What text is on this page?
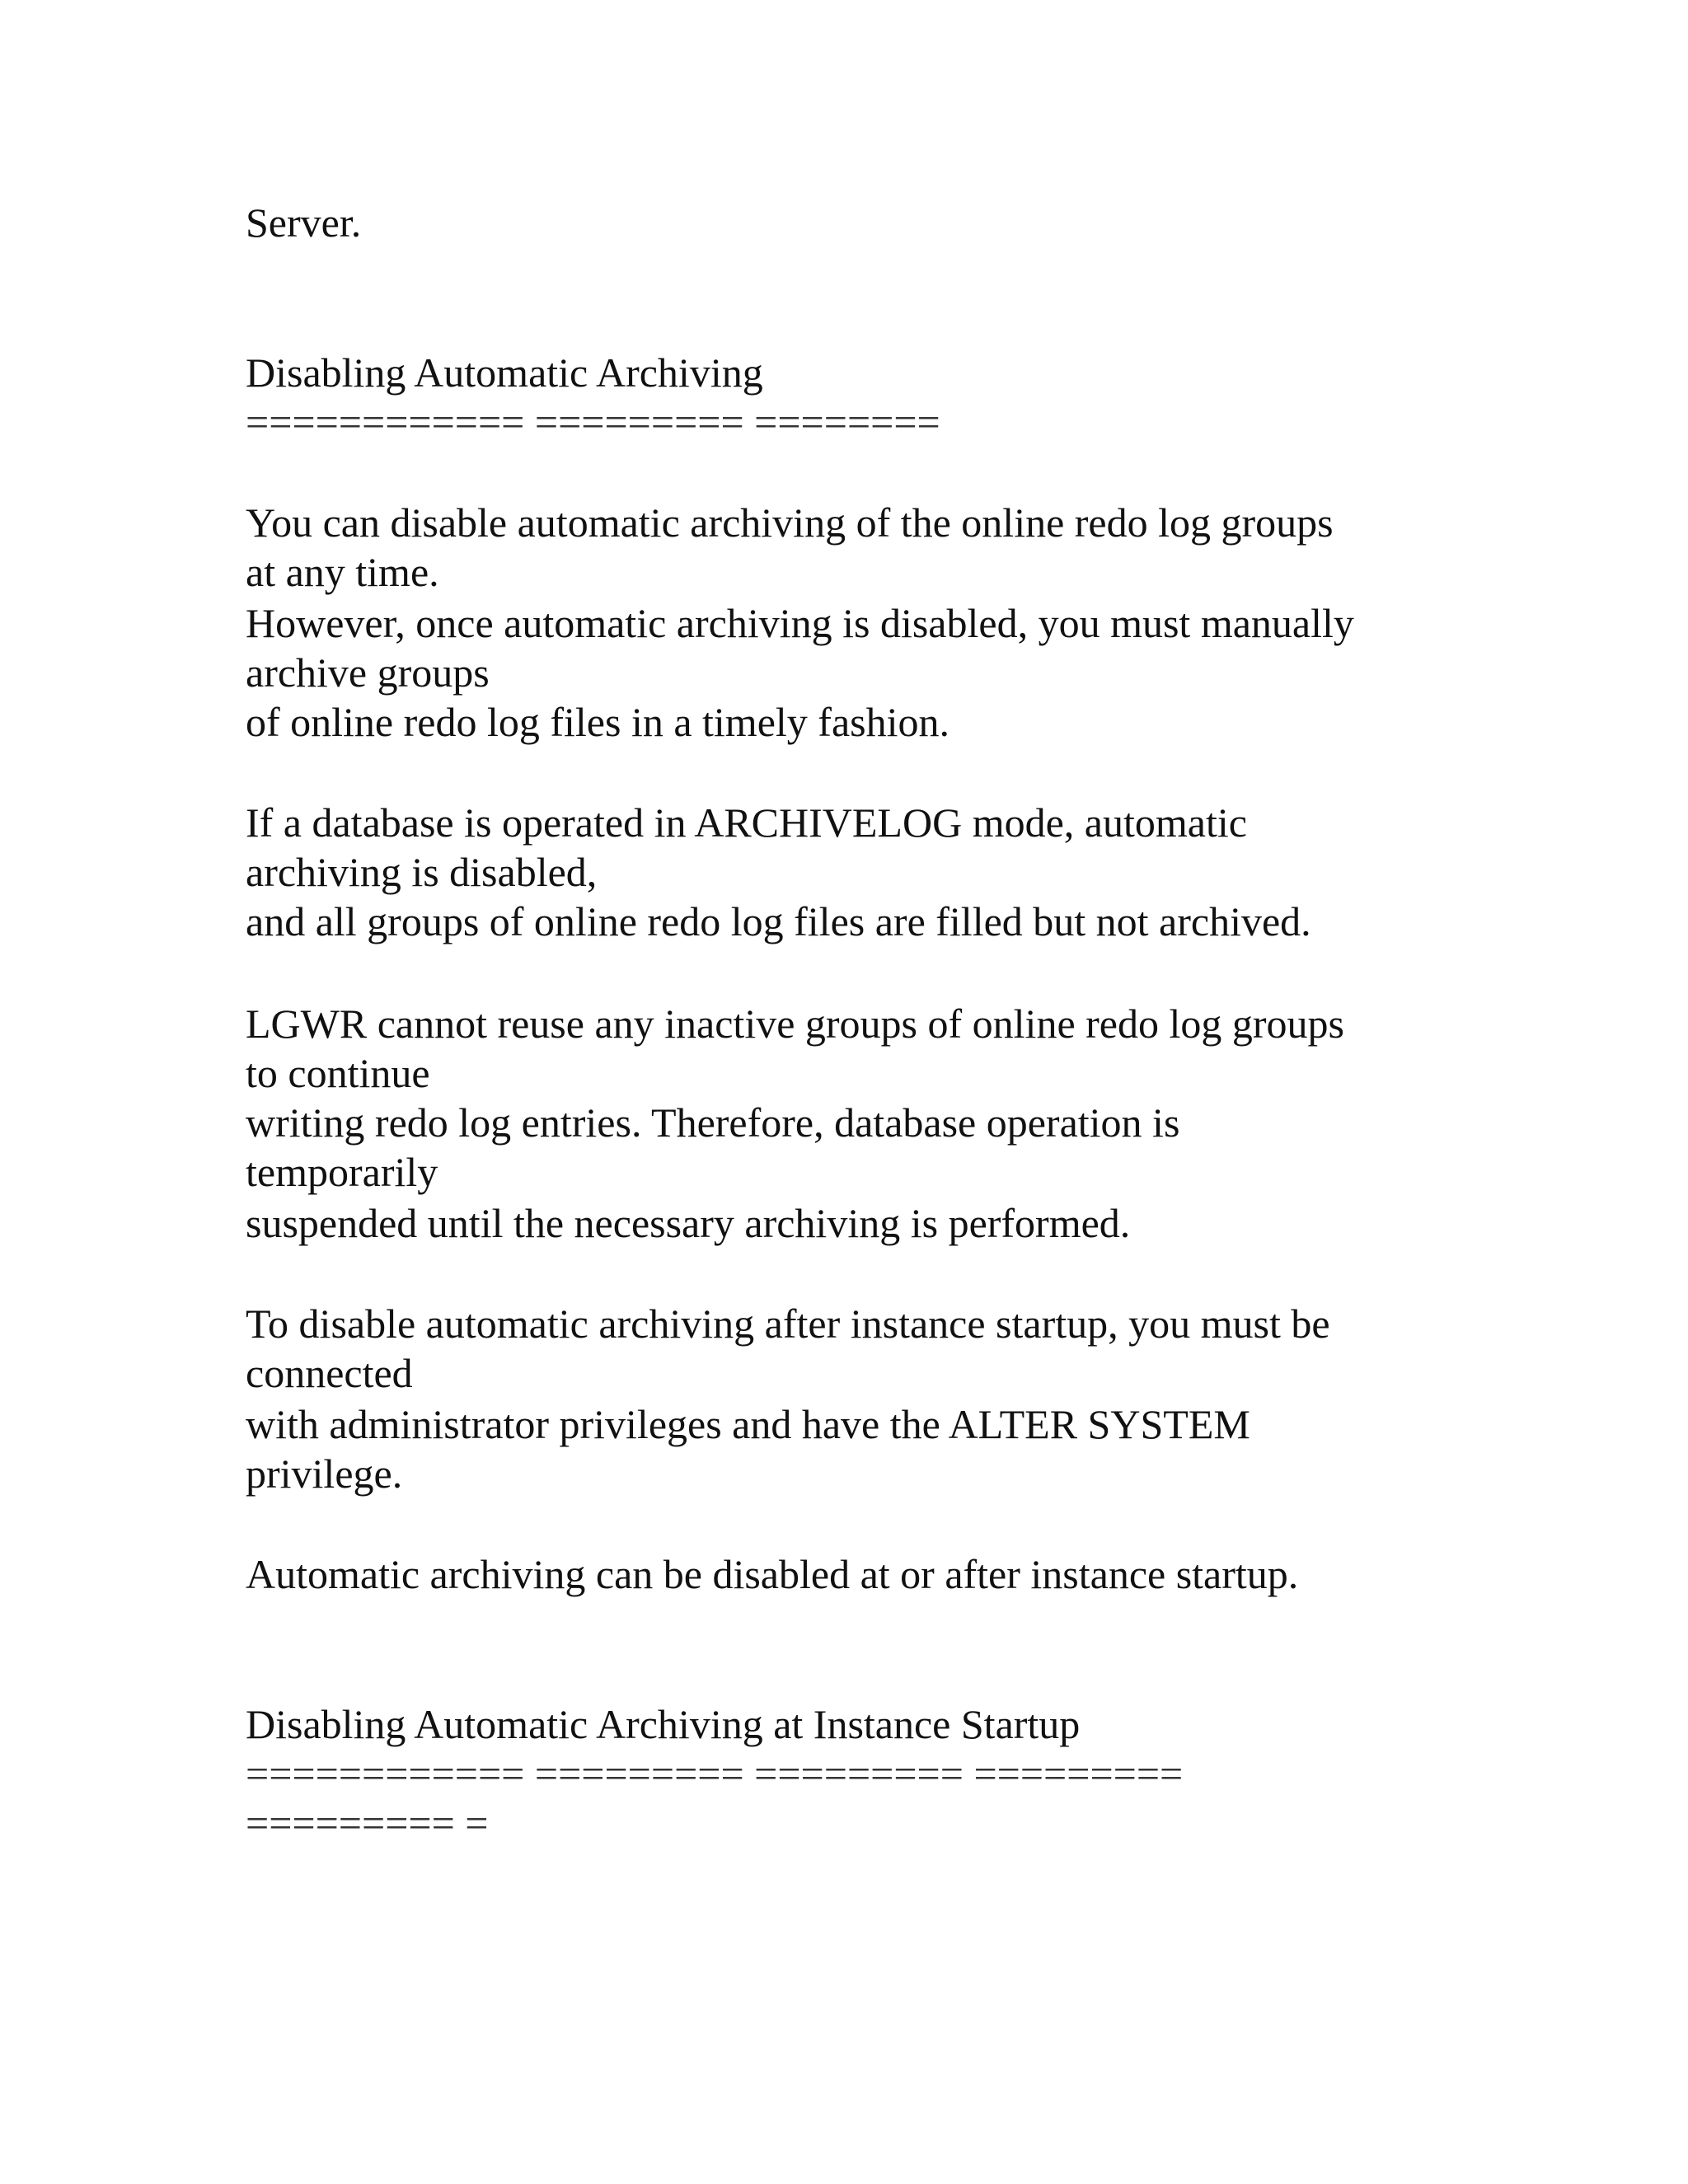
Server.

Disabling Automatic Archiving

============ ========= ========

You can disable automatic archiving of the online redo log groups

at any time.

However, once automatic archiving is disabled, you must manually

archive groups

of online redo log files in a timely fashion.

If a database is operated in ARCHIVELOG mode, automatic

archiving is disabled,

and all groups of online redo log files are filled but not archived.

LGWR cannot reuse any inactive groups of online redo log groups

to continue

writing redo log entries. Therefore, database operation is

temporarily

suspended until the necessary archiving is performed.

To disable automatic archiving after instance startup, you must be

connected

with administrator privileges and have the ALTER SYSTEM

privilege.

Automatic archiving can be disabled at or after instance startup.

Disabling Automatic Archiving at Instance Startup

============ ========= ========= =========

========= =
